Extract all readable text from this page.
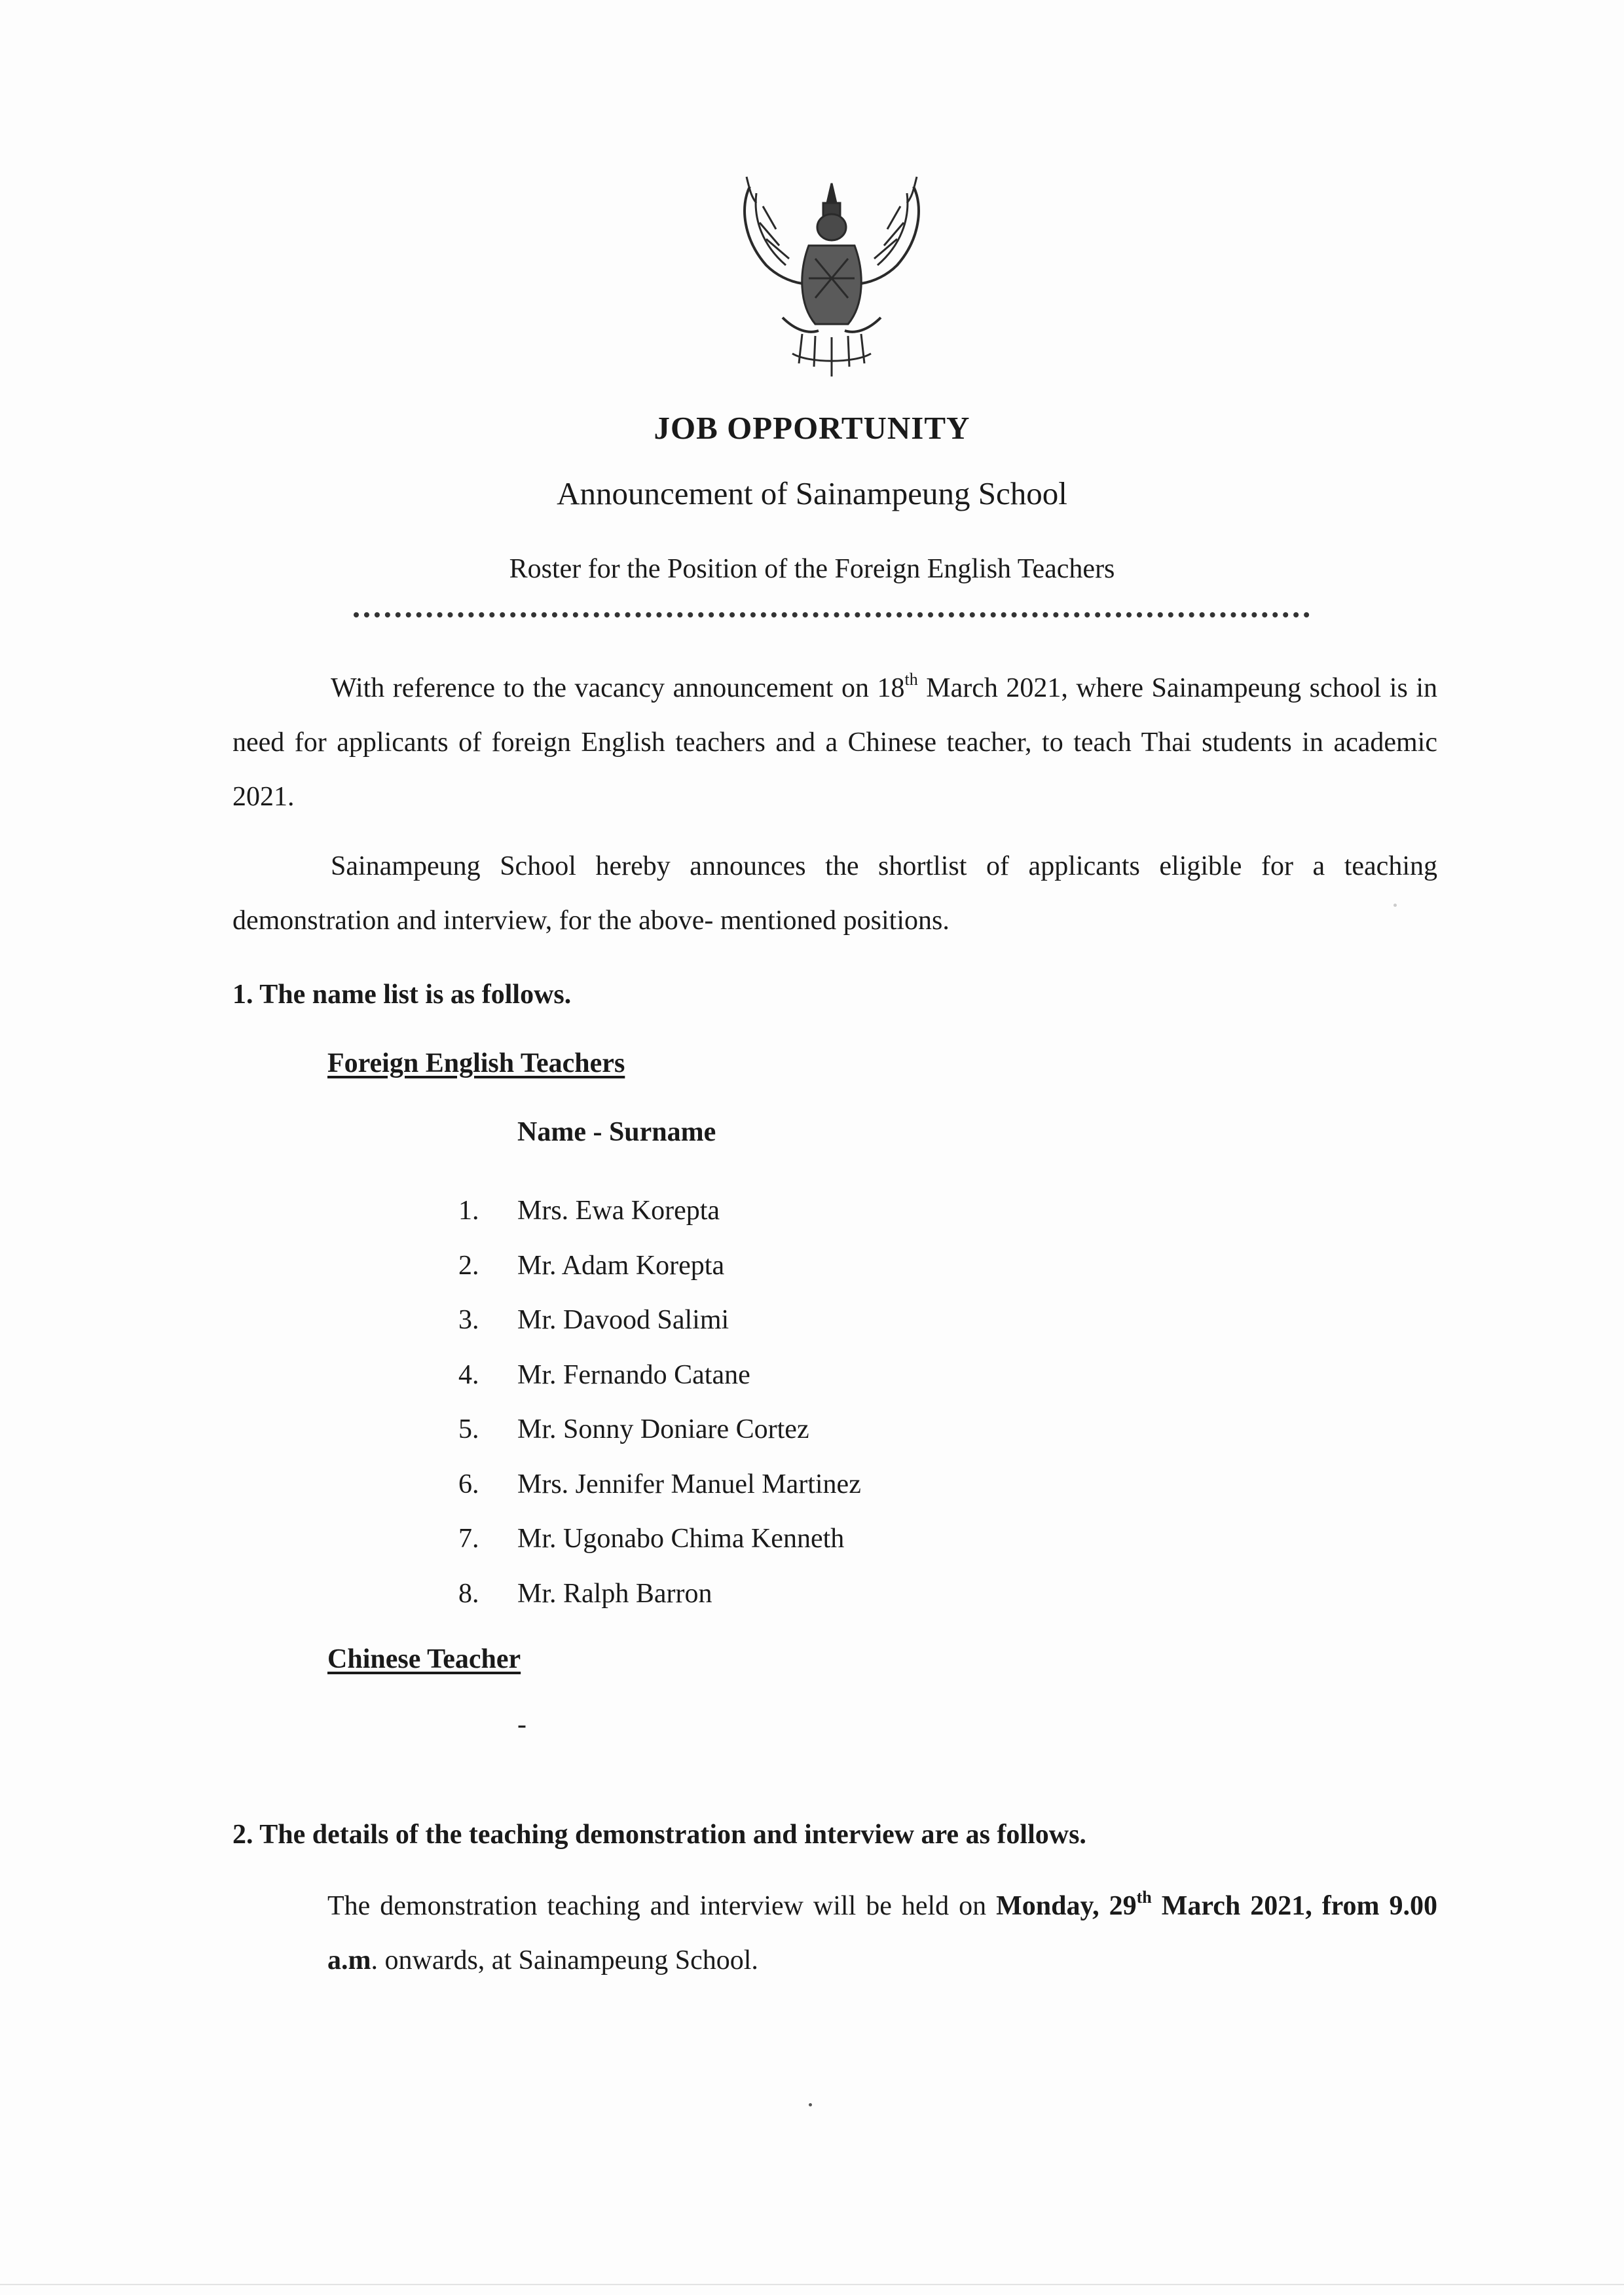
JOB OPPORTUNITY
Announcement of Sainampeung School
Roster for the Position of the Foreign English Teachers
With reference to the vacancy announcement on 18th March 2021, where Sainampeung school is in need for applicants of foreign English teachers and a Chinese teacher, to teach Thai students in academic 2021.
Sainampeung School hereby announces the shortlist of applicants eligible for a teaching demonstration and interview, for the above- mentioned positions.
1. The name list is as follows.
Foreign English Teachers
Name - Surname
1.	Mrs. Ewa Korepta
2.	Mr. Adam Korepta
3.	Mr. Davood Salimi
4.	Mr. Fernando Catane
5.	Mr. Sonny Doniare Cortez
6.	Mrs. Jennifer Manuel Martinez
7.	Mr. Ugonabo Chima Kenneth
8.	Mr. Ralph Barron
Chinese Teacher
-
2. The details of the teaching demonstration and interview are as follows.
The demonstration teaching and interview will be held on Monday, 29th March 2021, from 9.00 a.m. onwards, at Sainampeung School.
